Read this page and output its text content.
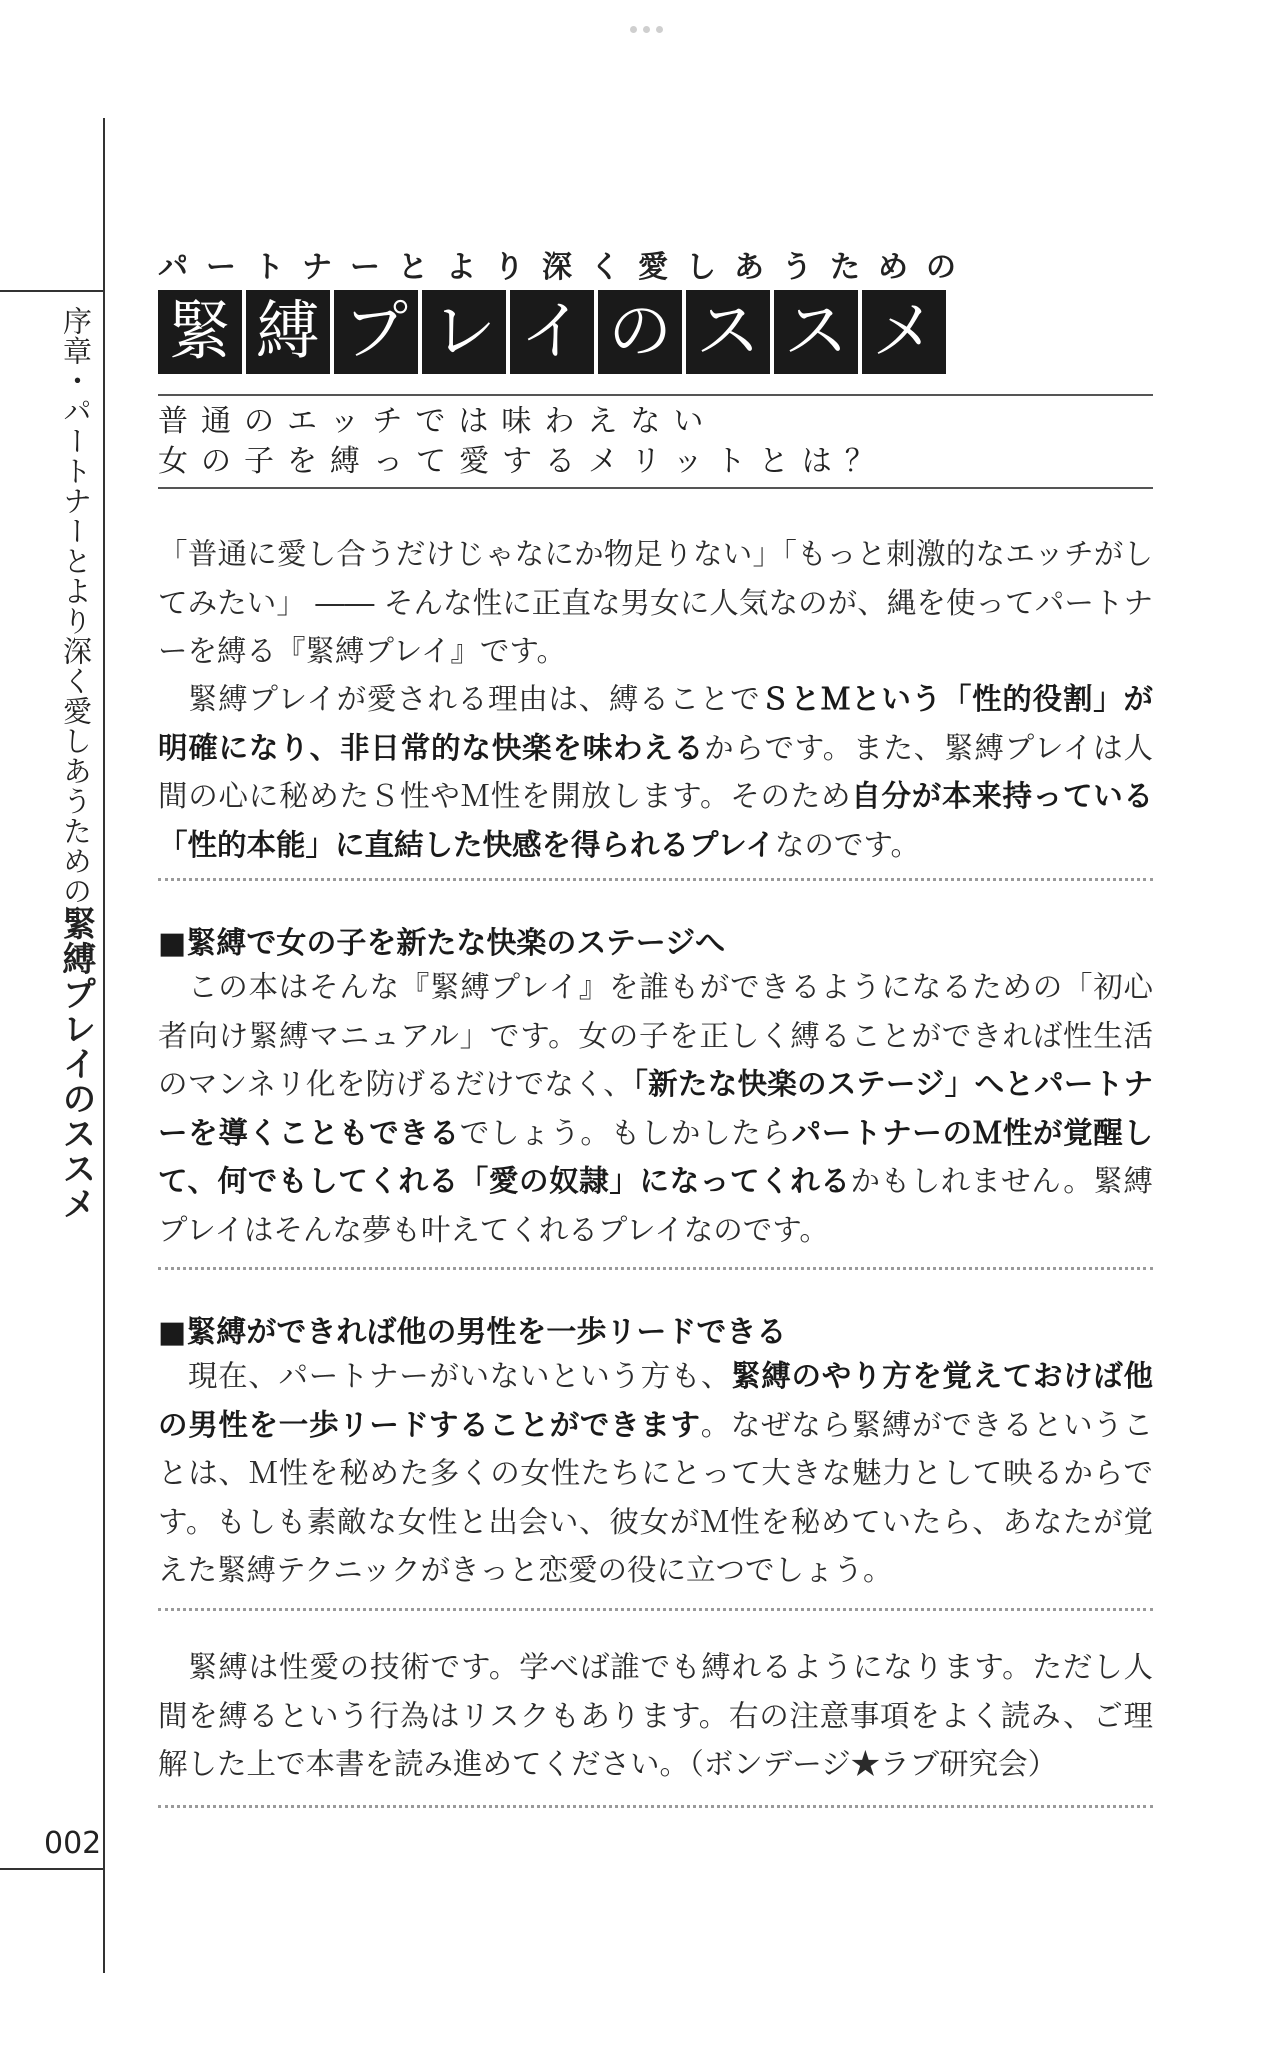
序章・パートナーとより深く愛しあうための緊縛プレイのススメ
002
パートナーとより深く愛しあうための
緊 縛 プ レ イ の ス ス メ
普通のエッチでは味わえない
女の子を縛って愛するメリットとは？
「普通に愛し合うだけじゃなにか物足りない」「もっと刺激的なエッチがしてみたい」 ―― そんな性に正直な男女に人気なのが、縄を使ってパートナーを縛る『緊縛プレイ』です。
緊縛プレイが愛される理由は、縛ることでＳとＭという「性的役割」が明確になり、非日常的な快楽を味わえるからです。また、緊縛プレイは人間の心に秘めたＳ性やＭ性を開放します。そのため自分が本来持っている「性的本能」に直結した快感を得られるプレイなのです。
■緊縛で女の子を新たな快楽のステージへ
この本はそんな『緊縛プレイ』を誰もができるようになるための「初心者向け緊縛マニュアル」です。女の子を正しく縛ることができれば性生活のマンネリ化を防げるだけでなく、「新たな快楽のステージ」へとパートナーを導くこともできるでしょう。もしかしたらパートナーのＭ性が覚醒して、何でもしてくれる「愛の奴隷」になってくれるかもしれません。緊縛プレイはそんな夢も叶えてくれるプレイなのです。
■緊縛ができれば他の男性を一歩リードできる
現在、パートナーがいないという方も、緊縛のやり方を覚えておけば他の男性を一歩リードすることができます。なぜなら緊縛ができるということは、Ｍ性を秘めた多くの女性たちにとって大きな魅力として映るからです。もしも素敵な女性と出会い、彼女がＭ性を秘めていたら、あなたが覚えた緊縛テクニックがきっと恋愛の役に立つでしょう。
緊縛は性愛の技術です。学べば誰でも縛れるようになります。ただし人間を縛るという行為はリスクもあります。右の注意事項をよく読み、ご理解した上で本書を読み進めてください。（ボンデージ★ラブ研究会）
